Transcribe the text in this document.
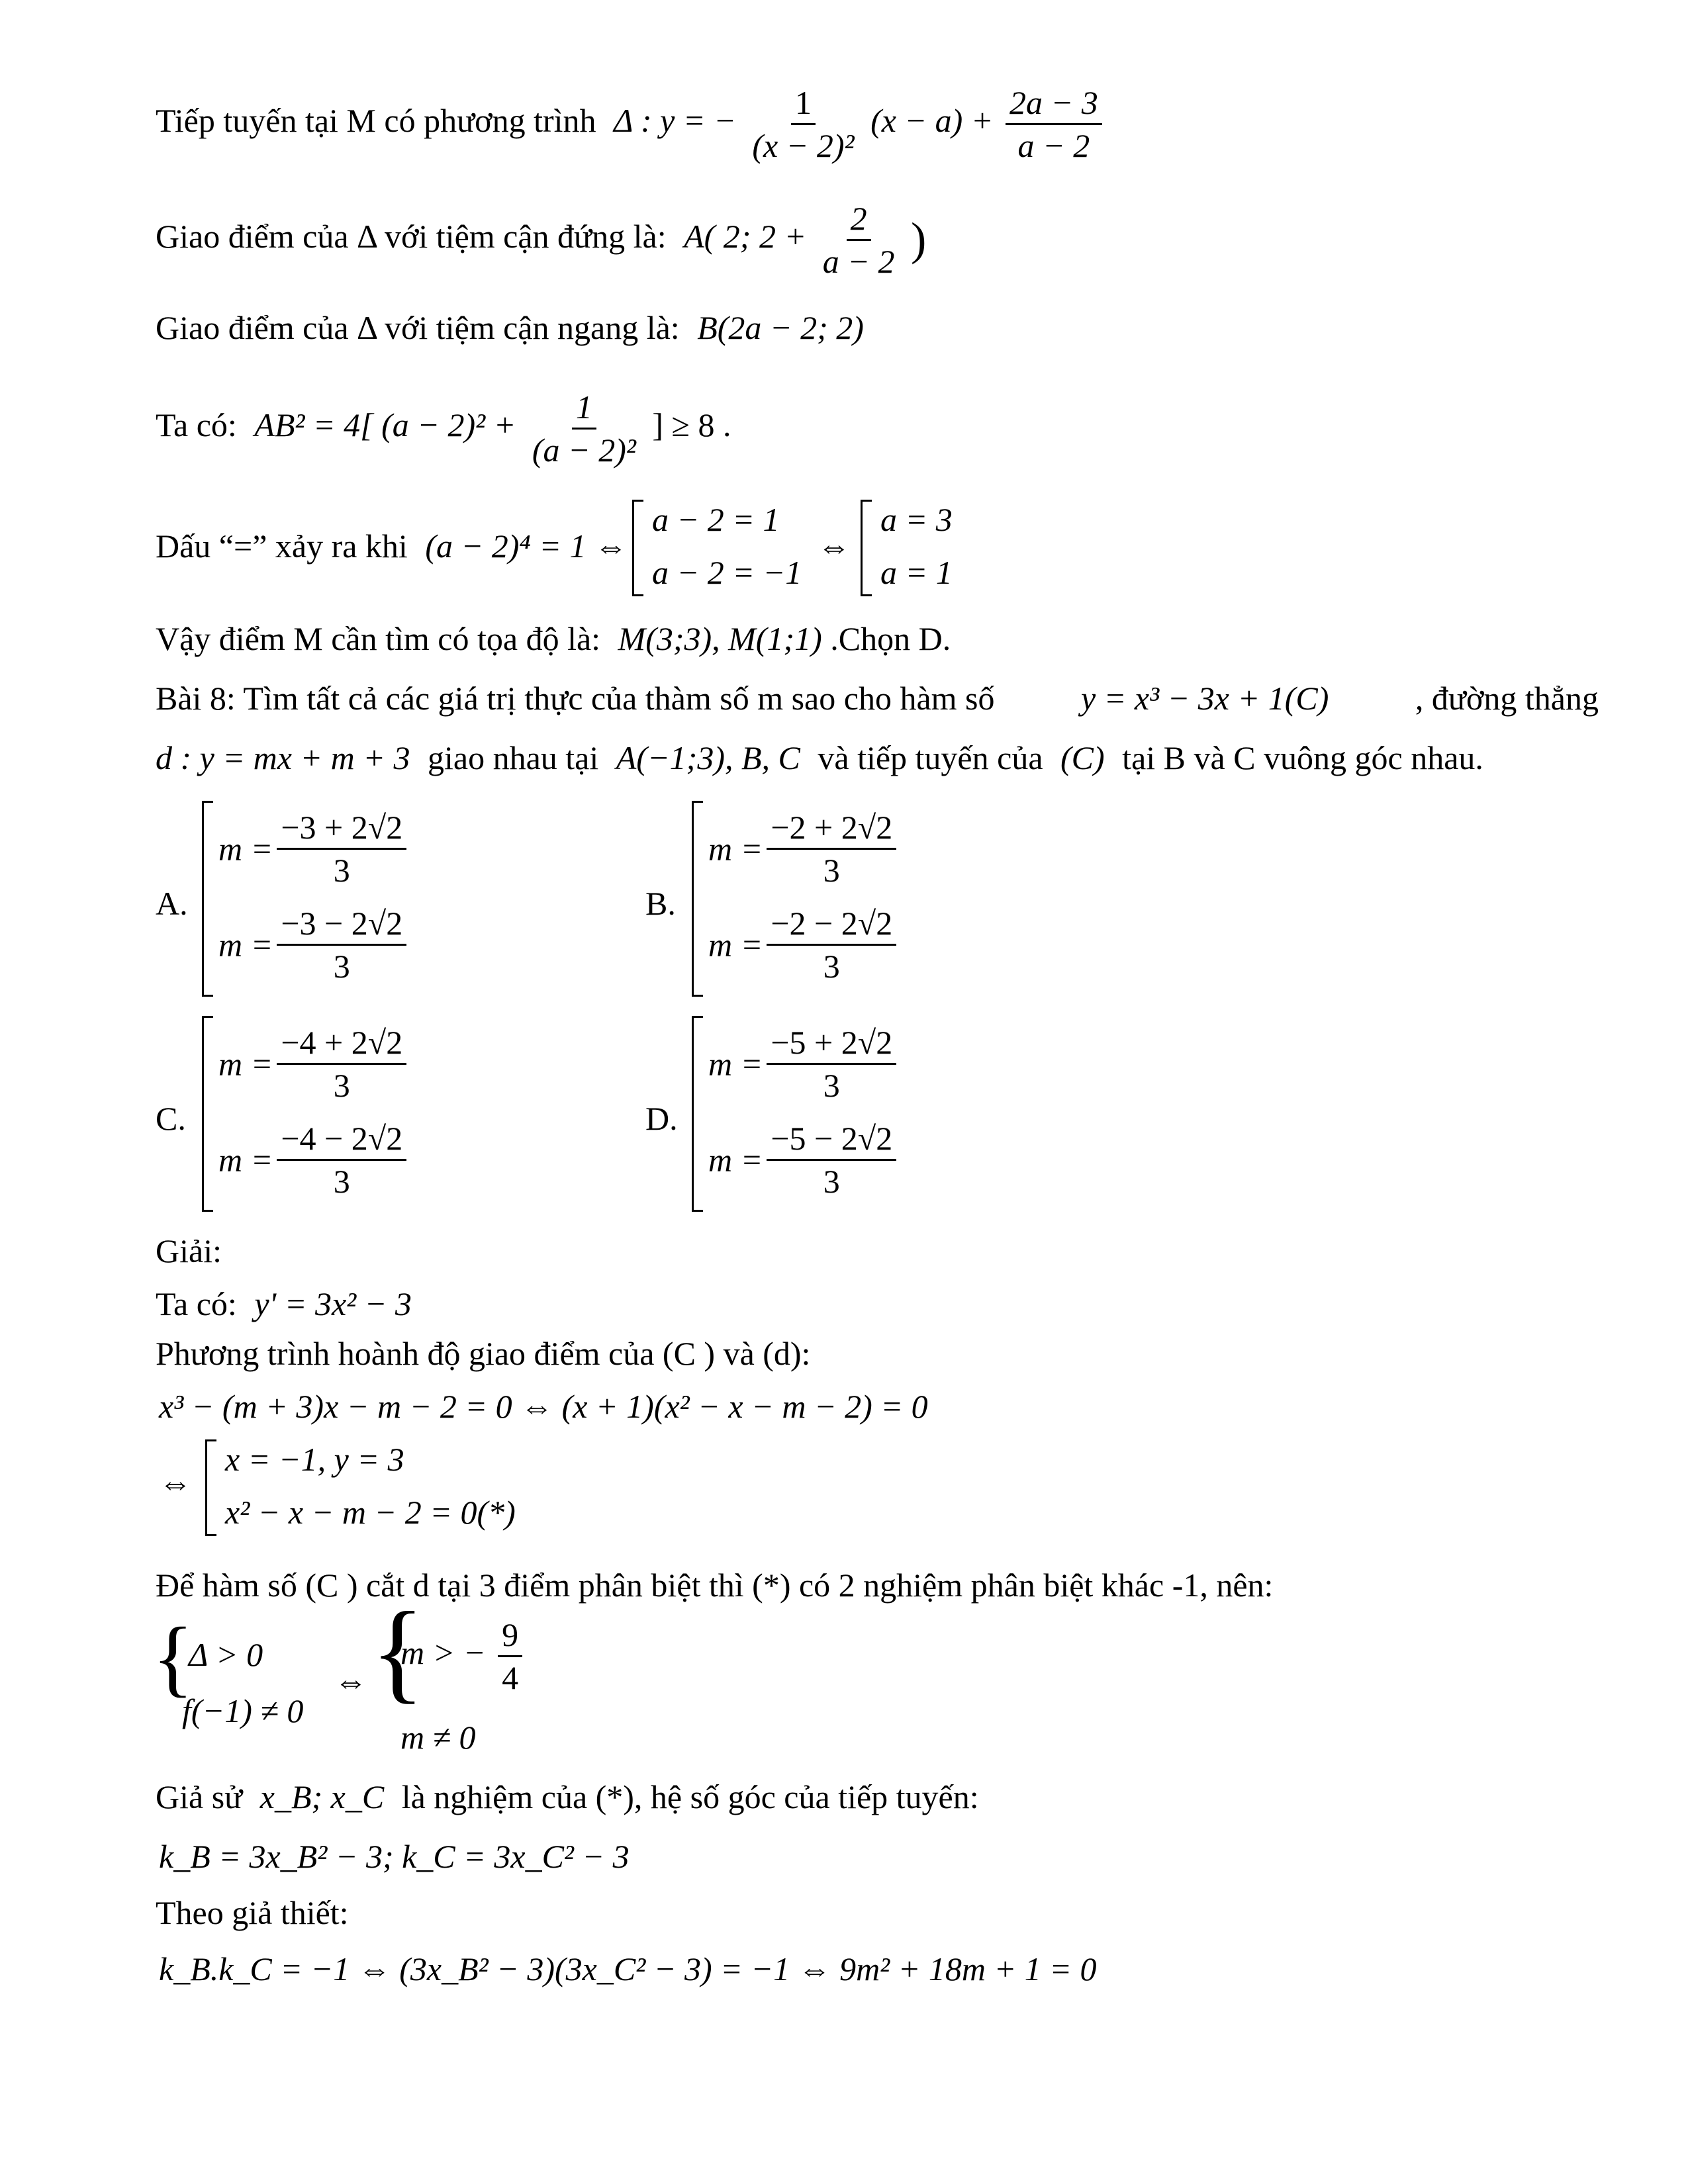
Tiếp tuyến tại M có phương trình Δ : y = − $\frac{1}{\text{(x − 2)²}} (x - a) + \frac{2a - 3}{a - 2}$
Giao điểm của Δ với tiệm cận đứng là: A( 2; $2 + \frac{2}{a - 2}$ )
Giao điểm của Δ với tiệm cận ngang là: B(2a − 2; 2)
Ta có: AB² = 4[ $(a - 2)^2 + \frac{1}{\text{(a − 2)²}}$ ] ≥ 8 .
Dấu “=” xảy ra khi (a − 2)⁴ = 1 ⇔
a − 2 = 1
a − 2 = −1
⇔
a = 3
a = 1
Vậy điểm M cần tìm có tọa độ là: M(3;3), M(1;1) .Chọn D.
Bài 8: Tìm tất cả các giá trị thực của thàm số m sao cho hàm số	y = x³ − 3x + 1(C)	, đường thẳng
d : y = mx + m + 3 giao nhau tại A(−1;3), B, C và tiếp tuyến của (C) tại B và C vuông góc nhau.
A.
$m = \frac{-3 + 2√2}{3}$
$m = \frac{-3 - 2√2}{3}$
B.
$m = \frac{-2 + 2√2}{3}$
$m = \frac{-2 - 2√2}{3}$
C.
$m = \frac{-4 + 2√2}{3}$
$m = \frac{-4 - 2√2}{3}$
D.
$m = \frac{-5 + 2√2}{3}$
$m = \frac{-5 - 2√2}{3}$
Giải:
Ta có: y' = 3x² − 3
Phương trình hoành độ giao điểm của (C ) và (d):
x³ − (m + 3)x − m − 2 = 0 ⇔ (x + 1)(x² − x − m − 2) = 0
⇔
x = −1, y = 3
x² − x − m − 2 = 0(*)
Để hàm số (C ) cắt d tại 3 điểm phân biệt thì (*) có 2 nghiệm phân biệt khác -1, nên:
{
Δ > 0
f(−1) ≠ 0
⇔ {
m > − $\frac{9}{4}$
m ≠ 0
Giả sử x_B; x_C là nghiệm của (*), hệ số góc của tiếp tuyến:
k_B = 3x_B² − 3; k_C = 3x_C² − 3
Theo giả thiết:
k_B.k_C = −1 ⇔ (3x_B² − 3)(3x_C² − 3) = −1 ⇔ 9m² + 18m + 1 = 0
